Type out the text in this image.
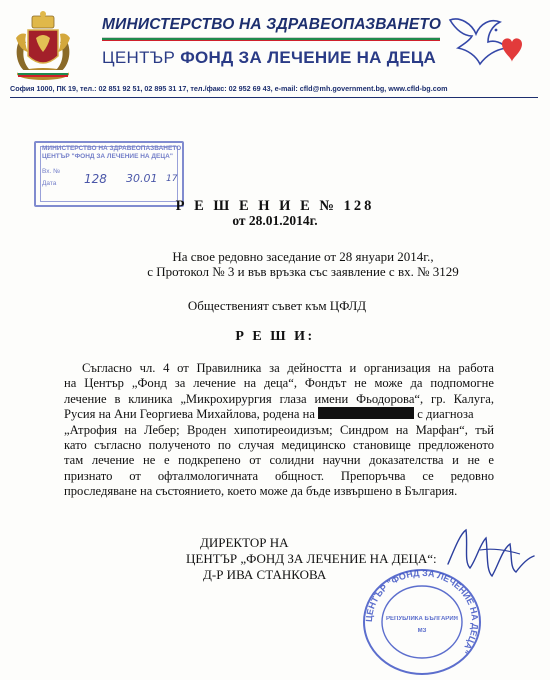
МИНИСТЕРСТВО НА ЗДРАВЕОПАЗВАНЕТО
ЦЕНТЪР ФОНД ЗА ЛЕЧЕНИЕ НА ДЕЦА
София 1000, ПК 19, тел.: 02 851 92 51, 02 895 31 17, тел./факс: 02 952 69 43, e-mail: cfld@mh.government.bg, www.cfld-bg.com
МИНИСТЕРСТВО НА ЗДРАВЕОПАЗВАНЕТО
ЦЕНТЪР "ФОНД ЗА ЛЕЧЕНИЕ НА ДЕЦА"
Вх. №
Дата 128 30.01 17
Р Е Ш Е Н И Е № 128
от 28.01.2014г.
На свое редовно заседание от 28 януари 2014г.,
с Протокол № 3 и във връзка със заявление с вх. № 3129
Общественият съвет към ЦФЛД
Р Е Ш И:
Съгласно чл. 4 от Правилника за дейността и организация на работа
на Център „Фонд за лечение на деца“, Фондът не може да подпомогне
лечение в клиника „Микрохирургия глаза имени Фьодорова“, гр. Калуга,
Русия на Ани Георгиева Михайлова, родена на	с диагноза
„Атрофия на Лебер; Вроден хипотиреоидизъм; Синдром на Марфан“, тъй
като съгласно полученото по случая медицинско становище предложеното
там лечение не е подкрепено от солидни научни доказателства и не е
признато от офталмологичната общност. Препоръчва се редовно
проследяване на състоянието, което може да бъде извършено в България.
ДИРЕКТОР НА
ЦЕНТЪР „ФОНД ЗА ЛЕЧЕНИЕ НА ДЕЦА“:
Д-Р ИВА СТАНКОВА
ЦЕНТЪР "ФОНД ЗА ЛЕЧЕНИЕ НА ДЕЦА"
РЕПУБЛИКА БЪЛГАРИЯ
МЗ
